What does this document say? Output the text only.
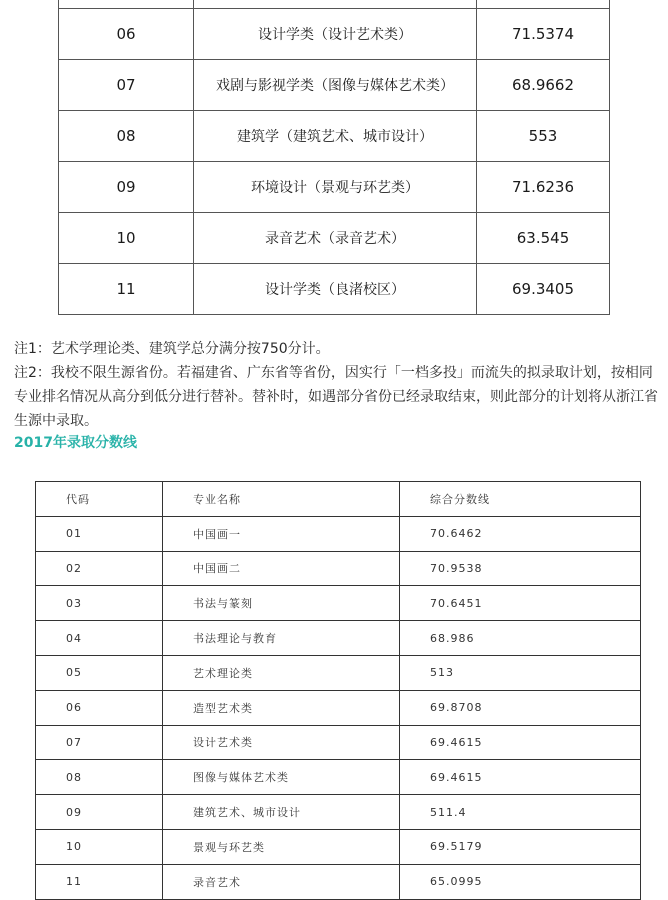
06	设计学类（设计艺术类）	71.5374
07	戏剧与影视学类（图像与媒体艺术类）	68.9662
08	建筑学（建筑艺术、城市设计）	553
09	环境设计（景观与环艺类）	71.6236
10	录音艺术（录音艺术）	63.545
11	设计学类（良渚校区）	69.3405

注1：艺术学理论类、建筑学总分满分按750分计。

注2：我校不限生源省份。若福建省、广东省等省份，因实行「一档多投」而流失的拟录取计划，按相同专业排名情况从高分到低分进行替补。替补时，如遇部分省份已经录取结束，则此部分的计划将从浙江省生源中录取。

2017年录取分数线
代码	专业名称	综合分数线
01	中国画一	70.6462
02	中国画二	70.9538
03	书法与篆刻	70.6451
04	书法理论与教育	68.986
05	艺术理论类	513
06	造型艺术类	69.8708
07	设计艺术类	69.4615
08	图像与媒体艺术类	69.4615
09	建筑艺术、城市设计	511.4
10	景观与环艺类	69.5179
11	录音艺术	65.0995
